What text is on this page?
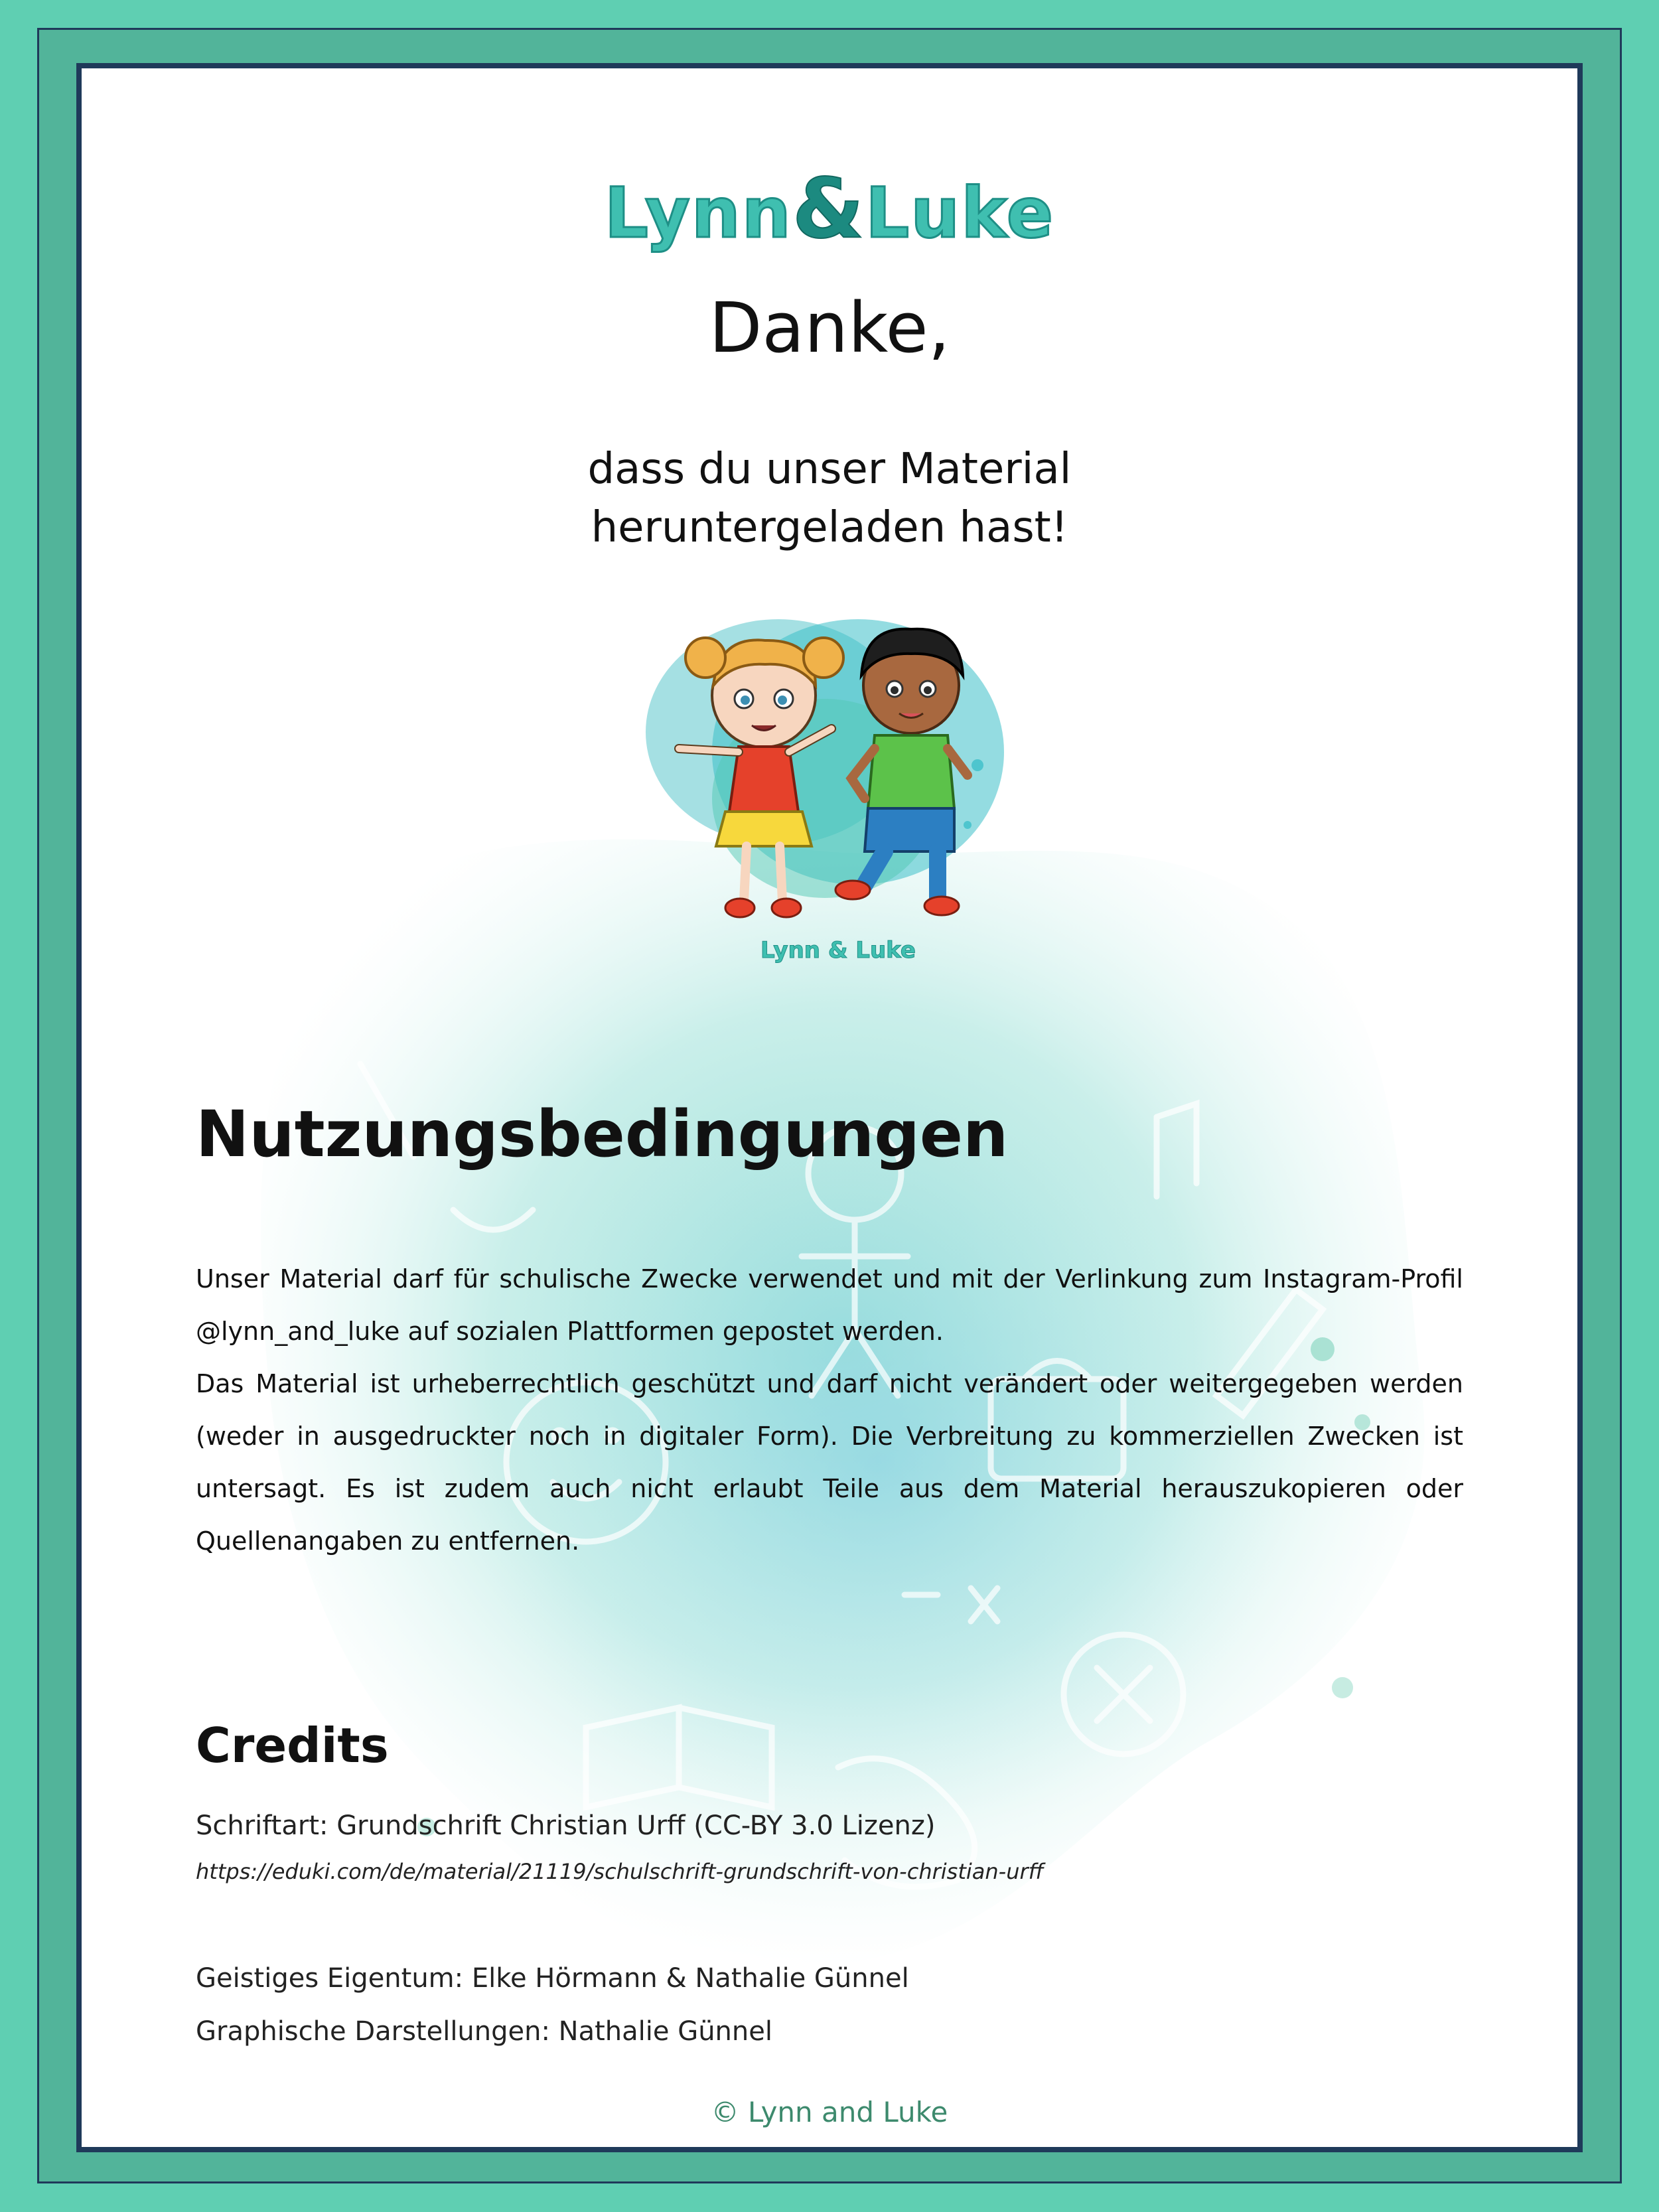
Lynn&Luke
Danke,
dass du unser Material
heruntergeladen hast!
Lynn & Luke
Nutzungsbedingungen

Unser Material darf für schulische Zwecke verwendet und mit der Verlinkung zum Instagram-Profil @lynn_and_luke auf sozialen Plattformen gepostet werden.

Das Material ist urheberrechtlich geschützt und darf nicht verändert oder weitergegeben werden (weder in ausgedruckter noch in digitaler Form). Die Verbreitung zu kommerziellen Zwecken ist untersagt. Es ist zudem auch nicht erlaubt Teile aus dem Material herauszukopieren oder Quellenangaben zu entfernen.

Credits

Schriftart: Grundschrift Christian Urff (CC-BY 3.0 Lizenz)

https://eduki.com/de/material/21119/schulschrift-grundschrift-von-christian-urff

Geistiges Eigentum: Elke Hörmann & Nathalie Günnel

Graphische Darstellungen: Nathalie Günnel

© Lynn and Luke
